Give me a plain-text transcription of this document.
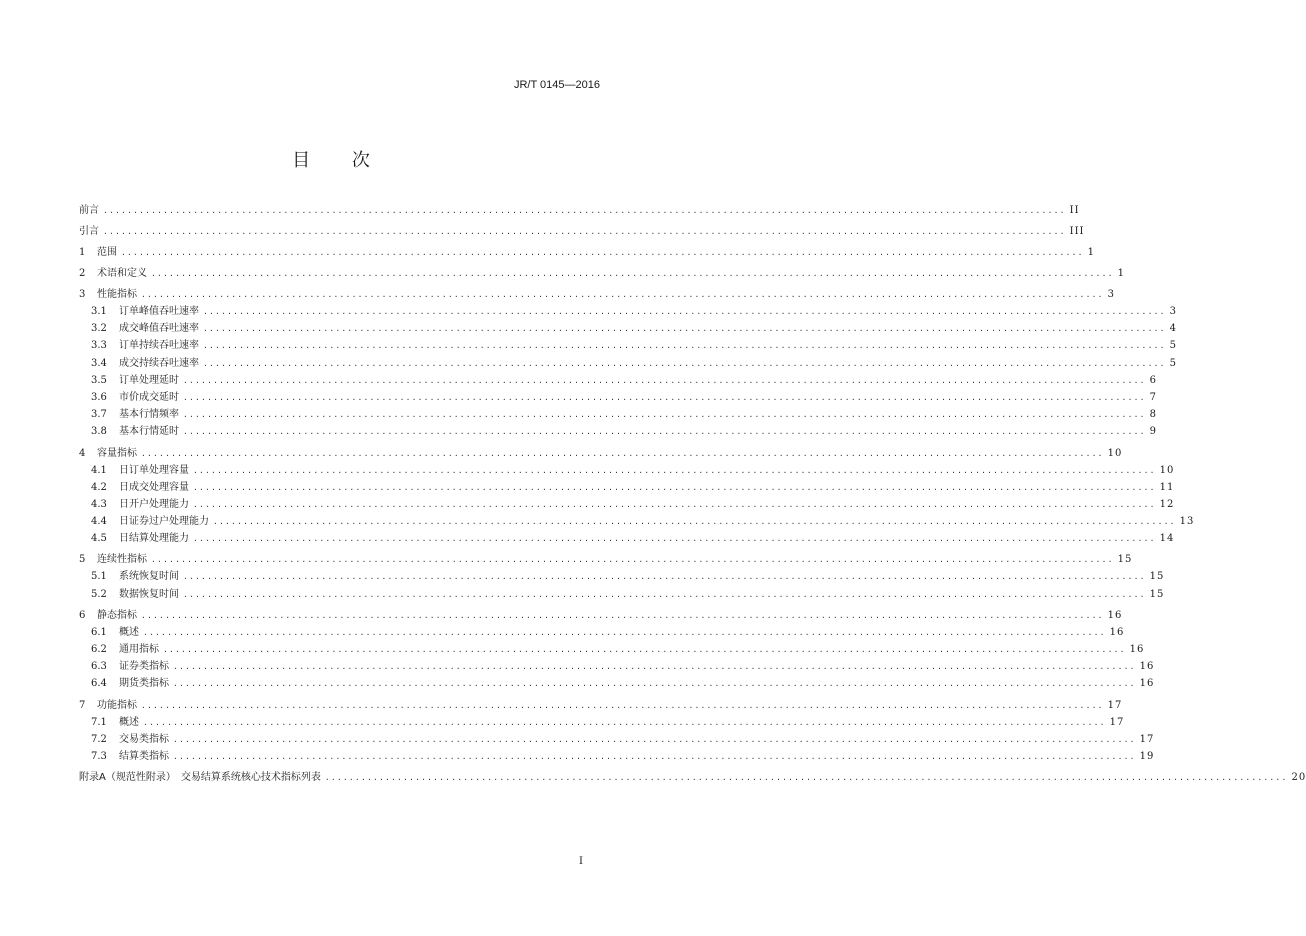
JR/T 0145—2016
目 次
前言 ................................................................................................................................................................ II
引言 ................................................................................................................................................................ III
1	范围 ................................................................................................................................................................ 1
2	术语和定义 ................................................................................................................................................................ 1
3	性能指标 ................................................................................................................................................................ 3
3.1	订单峰值吞吐速率 ................................................................................................................................................................ 3
3.2	成交峰值吞吐速率 ................................................................................................................................................................ 4
3.3	订单持续吞吐速率 ................................................................................................................................................................ 5
3.4	成交持续吞吐速率 ................................................................................................................................................................ 5
3.5	订单处理延时 ................................................................................................................................................................ 6
3.6	市价成交延时 ................................................................................................................................................................ 7
3.7	基本行情频率 ................................................................................................................................................................ 8
3.8	基本行情延时 ................................................................................................................................................................ 9
4	容量指标 ................................................................................................................................................................ 10
4.1	日订单处理容量 ................................................................................................................................................................ 10
4.2	日成交处理容量 ................................................................................................................................................................ 11
4.3	日开户处理能力 ................................................................................................................................................................ 12
4.4	日证券过户处理能力 ................................................................................................................................................................ 13
4.5	日结算处理能力 ................................................................................................................................................................ 14
5	连续性指标 ................................................................................................................................................................ 15
5.1	系统恢复时间 ................................................................................................................................................................ 15
5.2	数据恢复时间 ................................................................................................................................................................ 15
6	静态指标 ................................................................................................................................................................ 16
6.1	概述 ................................................................................................................................................................ 16
6.2	通用指标 ................................................................................................................................................................ 16
6.3	证券类指标 ................................................................................................................................................................ 16
6.4	期货类指标 ................................................................................................................................................................ 16
7	功能指标 ................................................................................................................................................................ 17
7.1	概述 ................................................................................................................................................................ 17
7.2	交易类指标 ................................................................................................................................................................ 17
7.3	结算类指标 ................................................................................................................................................................ 19
附录A（规范性附录）　交易结算系统核心技术指标列表 ................................................................................................................................................................ 20
I
